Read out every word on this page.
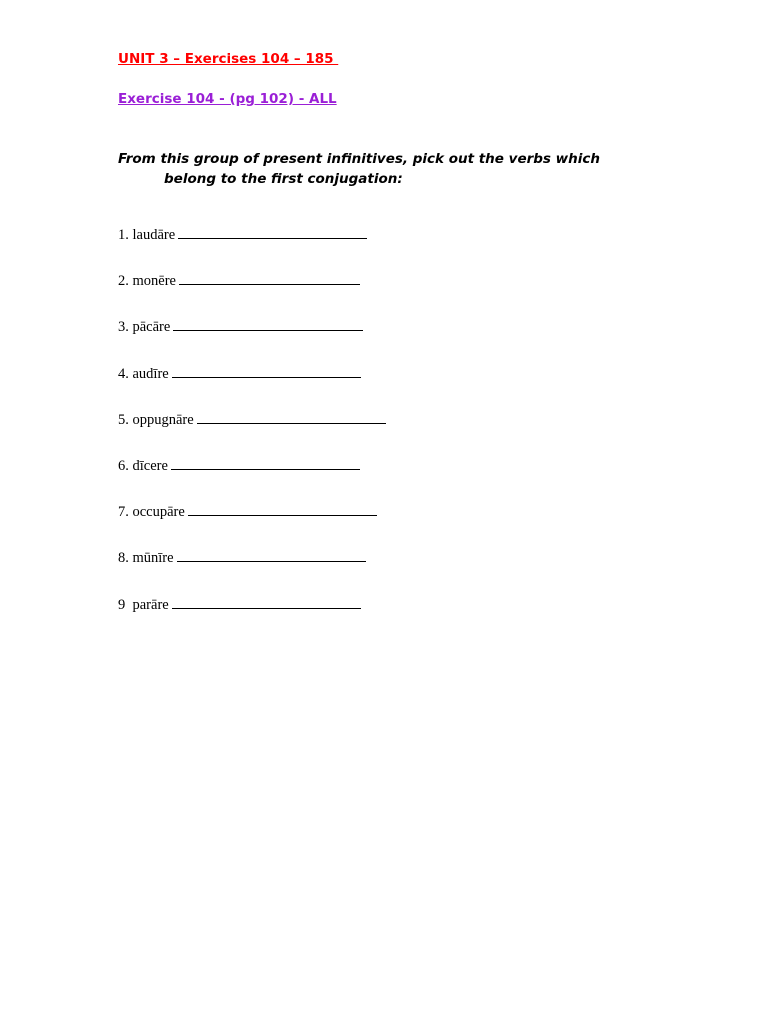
UNIT 3 – Exercises 104 – 185
Exercise 104 - (pg 102) - ALL
From this group of present infinitives, pick out the verbs which
belong to the first conjugation:
1. laudāre
2. monēre
3. pācāre
4. audīre
5. oppugnāre
6. dīcere
7. occupāre
8. mūnīre
9  parāre
